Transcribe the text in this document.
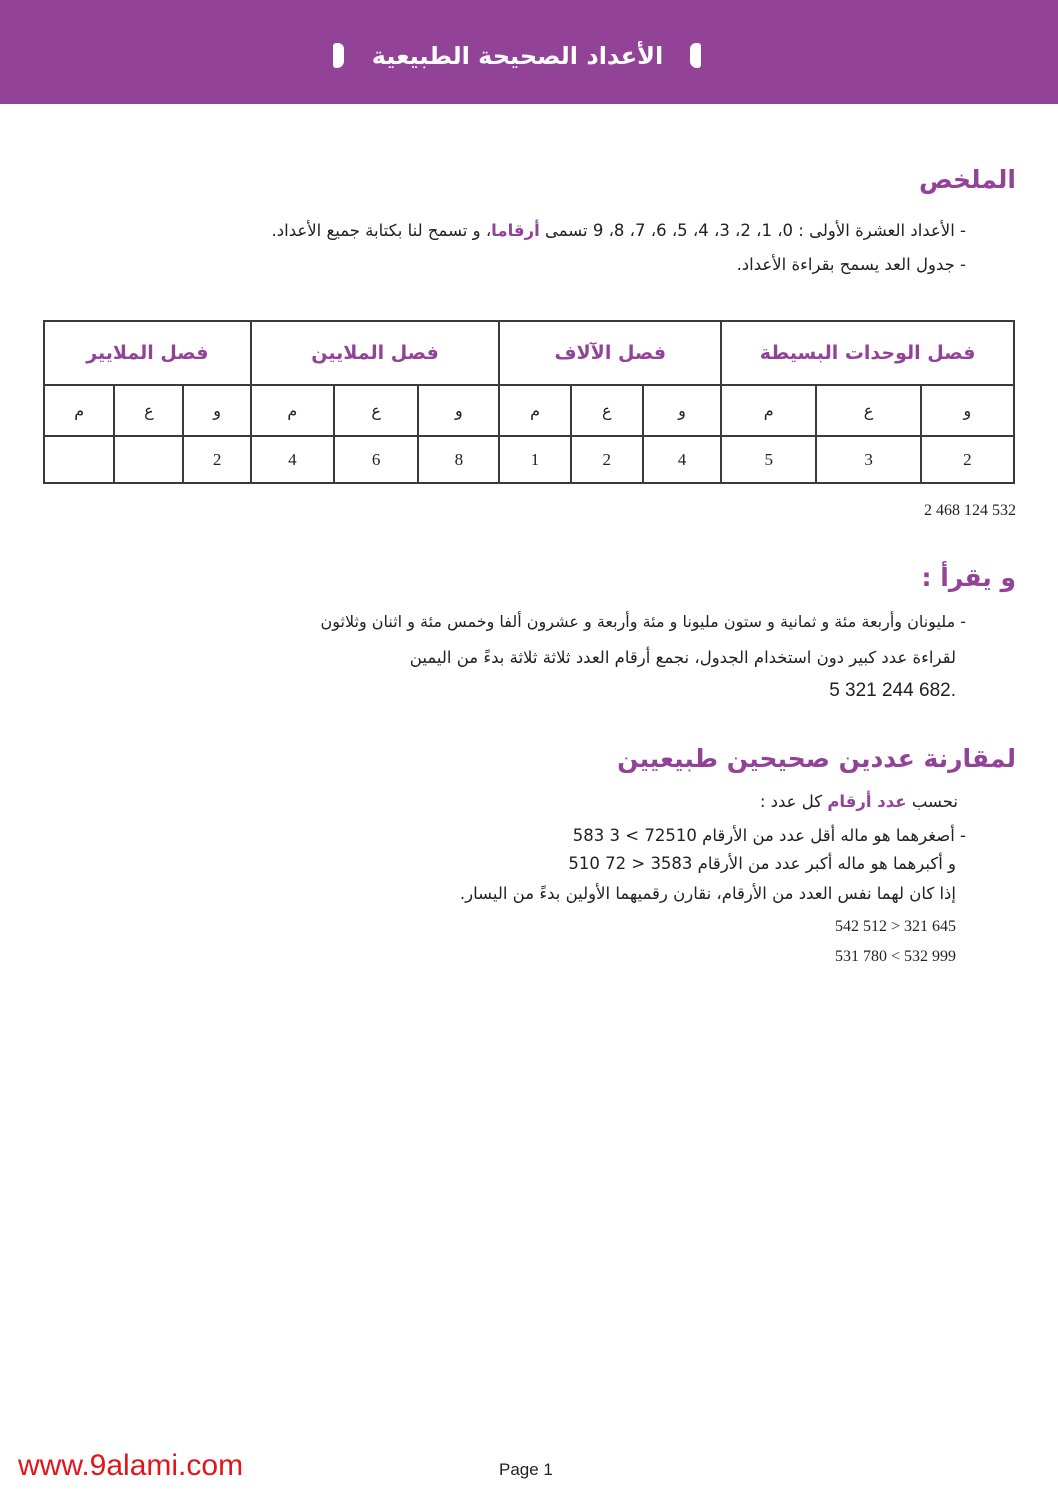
الأعداد الصحيحة الطبيعية
الملخص
- الأعداد العشرة الأولى : 0، 1، 2، 3، 4، 5، 6، 7، 8، 9 تسمى أرقاما، و تسمح لنا بكتابة جميع الأعداد.
- جدول العد يسمح بقراءة الأعداد.
فصل الوحدات البسيطة			فصل الآلاف			فصل الملايين			فصل الملايير		
و	ع	م	و	ع	م	و	ع	م	و	ع	م
2	3	5	4	2	1	8	6	4	2		
2 468 124 532
و يقرأ :
- مليونان وأربعة مئة و ثمانية و ستون مليونا و مئة وأربعة و عشرون ألفا وخمس مئة و اثنان وثلاثون
لقراءة عدد كبير دون استخدام الجدول، نجمع أرقام العدد ثلاثة ثلاثة بدءً من اليمين
5 321 244 682.
لمقارنة عددين صحيحين طبيعيين
نحسب عدد أرقام كل عدد :
- أصغرهما هو ماله أقل عدد من الأرقام 72510 > 3 583
و أكبرهما هو ماله أكبر عدد من الأرقام 3583 < 72 510
إذا كان لهما نفس العدد من الأرقام، نقارن رقميهما الأولين بدءً من اليسار.
542 512 > 321 645
531 780 < 532 999
www.9alami.com	Page 1
